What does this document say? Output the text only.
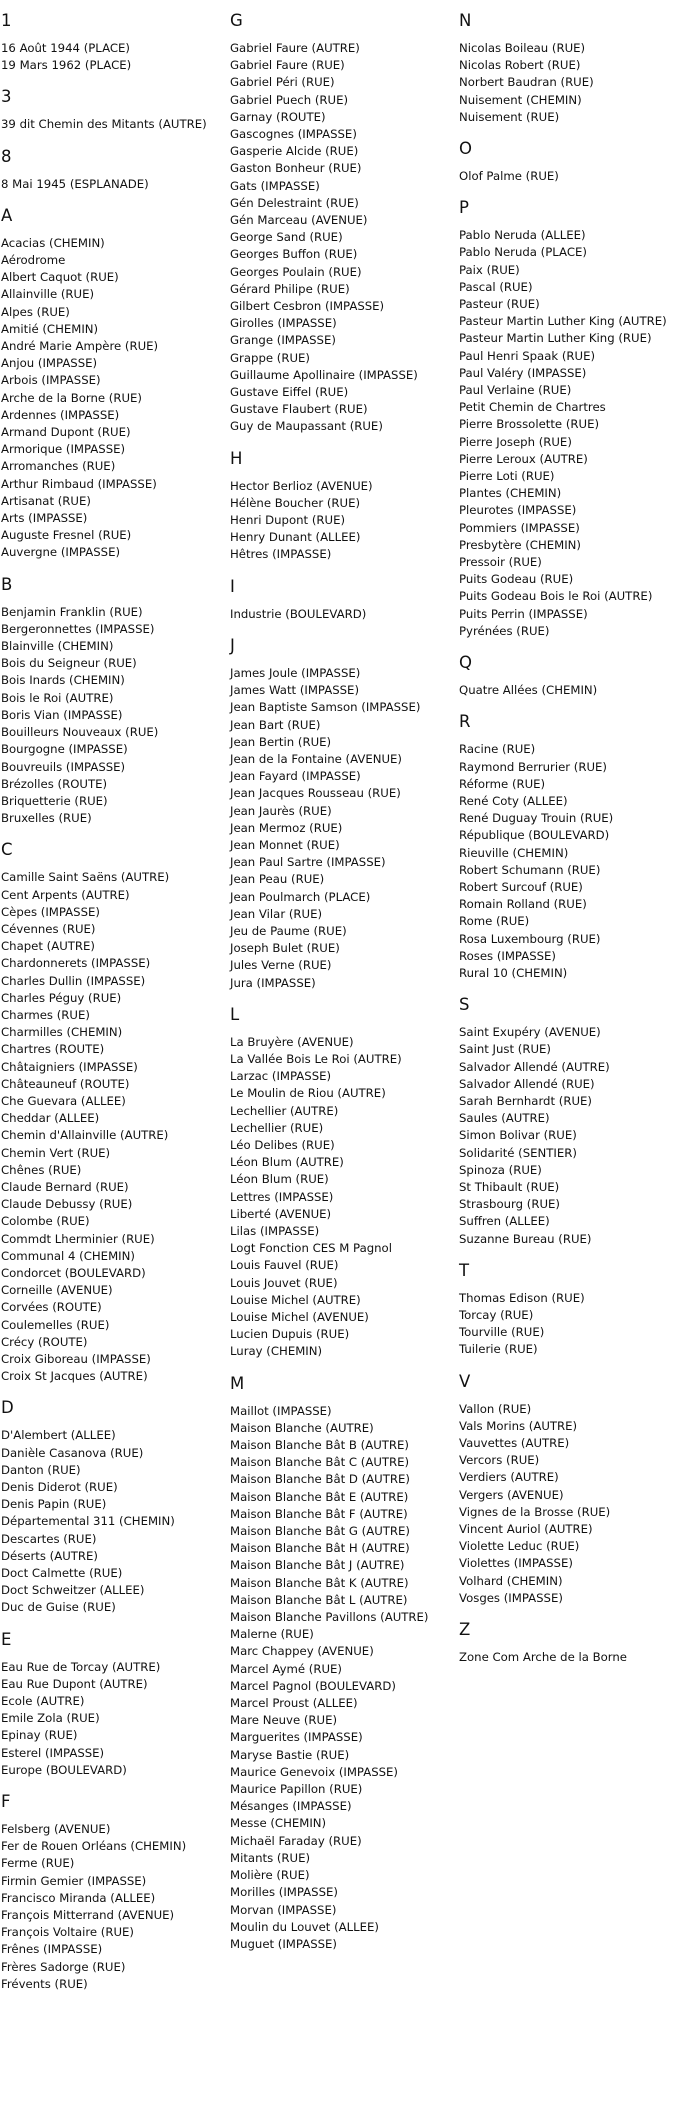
1
16 Août 1944 (PLACE)
19 Mars 1962 (PLACE)
3
39 dit Chemin des Mitants (AUTRE)
8
8 Mai 1945 (ESPLANADE)
A
Acacias (CHEMIN)
Aérodrome
Albert Caquot (RUE)
Allainville (RUE)
Alpes (RUE)
Amitié (CHEMIN)
André Marie Ampère (RUE)
Anjou (IMPASSE)
Arbois (IMPASSE)
Arche de la Borne (RUE)
Ardennes (IMPASSE)
Armand Dupont (RUE)
Armorique (IMPASSE)
Arromanches (RUE)
Arthur Rimbaud (IMPASSE)
Artisanat (RUE)
Arts (IMPASSE)
Auguste Fresnel (RUE)
Auvergne (IMPASSE)
B
Benjamin Franklin (RUE)
Bergeronnettes (IMPASSE)
Blainville (CHEMIN)
Bois du Seigneur (RUE)
Bois Inards (CHEMIN)
Bois le Roi (AUTRE)
Boris Vian (IMPASSE)
Bouilleurs Nouveaux (RUE)
Bourgogne (IMPASSE)
Bouvreuils (IMPASSE)
Brézolles (ROUTE)
Briquetterie (RUE)
Bruxelles (RUE)
C
Camille Saint Saëns (AUTRE)
Cent Arpents (AUTRE)
Cèpes (IMPASSE)
Cévennes (RUE)
Chapet (AUTRE)
Chardonnerets (IMPASSE)
Charles Dullin (IMPASSE)
Charles Péguy (RUE)
Charmes (RUE)
Charmilles (CHEMIN)
Chartres (ROUTE)
Châtaigniers (IMPASSE)
Châteauneuf (ROUTE)
Che Guevara (ALLEE)
Cheddar (ALLEE)
Chemin d'Allainville (AUTRE)
Chemin Vert (RUE)
Chênes (RUE)
Claude Bernard (RUE)
Claude Debussy (RUE)
Colombe (RUE)
Commdt Lherminier (RUE)
Communal 4 (CHEMIN)
Condorcet (BOULEVARD)
Corneille (AVENUE)
Corvées (ROUTE)
Coulemelles (RUE)
Crécy (ROUTE)
Croix Giboreau (IMPASSE)
Croix St Jacques (AUTRE)
D
D'Alembert (ALLEE)
Danièle Casanova (RUE)
Danton (RUE)
Denis Diderot (RUE)
Denis Papin (RUE)
Départemental 311 (CHEMIN)
Descartes (RUE)
Déserts (AUTRE)
Doct Calmette (RUE)
Doct Schweitzer (ALLEE)
Duc de Guise (RUE)
E
Eau Rue de Torcay (AUTRE)
Eau Rue Dupont (AUTRE)
Ecole (AUTRE)
Emile Zola (RUE)
Epinay (RUE)
Esterel (IMPASSE)
Europe (BOULEVARD)
F
Felsberg (AVENUE)
Fer de Rouen Orléans (CHEMIN)
Ferme (RUE)
Firmin Gemier (IMPASSE)
Francisco Miranda (ALLEE)
François Mitterrand (AVENUE)
François Voltaire (RUE)
Frênes (IMPASSE)
Frères Sadorge (RUE)
Frévents (RUE)
G
Gabriel Faure (AUTRE)
Gabriel Faure (RUE)
Gabriel Péri (RUE)
Gabriel Puech (RUE)
Garnay (ROUTE)
Gascognes (IMPASSE)
Gasperie Alcide (RUE)
Gaston Bonheur (RUE)
Gats (IMPASSE)
Gén Delestraint (RUE)
Gén Marceau (AVENUE)
George Sand (RUE)
Georges Buffon (RUE)
Georges Poulain (RUE)
Gérard Philipe (RUE)
Gilbert Cesbron (IMPASSE)
Girolles (IMPASSE)
Grange (IMPASSE)
Grappe (RUE)
Guillaume Apollinaire (IMPASSE)
Gustave Eiffel (RUE)
Gustave Flaubert (RUE)
Guy de Maupassant (RUE)
H
Hector Berlioz (AVENUE)
Hélène Boucher (RUE)
Henri Dupont (RUE)
Henry Dunant (ALLEE)
Hêtres (IMPASSE)
I
Industrie (BOULEVARD)
J
James Joule (IMPASSE)
James Watt (IMPASSE)
Jean Baptiste Samson (IMPASSE)
Jean Bart (RUE)
Jean Bertin (RUE)
Jean de la Fontaine (AVENUE)
Jean Fayard (IMPASSE)
Jean Jacques Rousseau (RUE)
Jean Jaurès (RUE)
Jean Mermoz (RUE)
Jean Monnet (RUE)
Jean Paul Sartre (IMPASSE)
Jean Peau (RUE)
Jean Poulmarch (PLACE)
Jean Vilar (RUE)
Jeu de Paume (RUE)
Joseph Bulet (RUE)
Jules Verne (RUE)
Jura (IMPASSE)
L
La Bruyère (AVENUE)
La Vallée Bois Le Roi (AUTRE)
Larzac (IMPASSE)
Le Moulin de Riou (AUTRE)
Lechellier (AUTRE)
Lechellier (RUE)
Léo Delibes (RUE)
Léon Blum (AUTRE)
Léon Blum (RUE)
Lettres (IMPASSE)
Liberté (AVENUE)
Lilas (IMPASSE)
Logt Fonction CES M Pagnol
Louis Fauvel (RUE)
Louis Jouvet (RUE)
Louise Michel (AUTRE)
Louise Michel (AVENUE)
Lucien Dupuis (RUE)
Luray (CHEMIN)
M
Maillot (IMPASSE)
Maison Blanche (AUTRE)
Maison Blanche Bât B (AUTRE)
Maison Blanche Bât C (AUTRE)
Maison Blanche Bât D (AUTRE)
Maison Blanche Bât E (AUTRE)
Maison Blanche Bât F (AUTRE)
Maison Blanche Bât G (AUTRE)
Maison Blanche Bât H (AUTRE)
Maison Blanche Bât J (AUTRE)
Maison Blanche Bât K (AUTRE)
Maison Blanche Bât L (AUTRE)
Maison Blanche Pavillons (AUTRE)
Malerne (RUE)
Marc Chappey (AVENUE)
Marcel Aymé (RUE)
Marcel Pagnol (BOULEVARD)
Marcel Proust (ALLEE)
Mare Neuve (RUE)
Marguerites (IMPASSE)
Maryse Bastie (RUE)
Maurice Genevoix (IMPASSE)
Maurice Papillon (RUE)
Mésanges (IMPASSE)
Messe (CHEMIN)
Michaël Faraday (RUE)
Mitants (RUE)
Molière (RUE)
Morilles (IMPASSE)
Morvan (IMPASSE)
Moulin du Louvet (ALLEE)
Muguet (IMPASSE)
N
Nicolas Boileau (RUE)
Nicolas Robert (RUE)
Norbert Baudran (RUE)
Nuisement (CHEMIN)
Nuisement (RUE)
O
Olof Palme (RUE)
P
Pablo Neruda (ALLEE)
Pablo Neruda (PLACE)
Paix (RUE)
Pascal (RUE)
Pasteur (RUE)
Pasteur Martin Luther King (AUTRE)
Pasteur Martin Luther King (RUE)
Paul Henri Spaak (RUE)
Paul Valéry (IMPASSE)
Paul Verlaine (RUE)
Petit Chemin de Chartres
Pierre Brossolette (RUE)
Pierre Joseph (RUE)
Pierre Leroux (AUTRE)
Pierre Loti (RUE)
Plantes (CHEMIN)
Pleurotes (IMPASSE)
Pommiers (IMPASSE)
Presbytère (CHEMIN)
Pressoir (RUE)
Puits Godeau (RUE)
Puits Godeau Bois le Roi (AUTRE)
Puits Perrin (IMPASSE)
Pyrénées (RUE)
Q
Quatre Allées (CHEMIN)
R
Racine (RUE)
Raymond Berrurier (RUE)
Réforme (RUE)
René Coty (ALLEE)
René Duguay Trouin (RUE)
République (BOULEVARD)
Rieuville (CHEMIN)
Robert Schumann (RUE)
Robert Surcouf (RUE)
Romain Rolland (RUE)
Rome (RUE)
Rosa Luxembourg (RUE)
Roses (IMPASSE)
Rural 10 (CHEMIN)
S
Saint Exupéry (AVENUE)
Saint Just (RUE)
Salvador Allendé (AUTRE)
Salvador Allendé (RUE)
Sarah Bernhardt (RUE)
Saules (AUTRE)
Simon Bolivar (RUE)
Solidarité (SENTIER)
Spinoza (RUE)
St Thibault (RUE)
Strasbourg (RUE)
Suffren (ALLEE)
Suzanne Bureau (RUE)
T
Thomas Edison (RUE)
Torcay (RUE)
Tourville (RUE)
Tuilerie (RUE)
V
Vallon (RUE)
Vals Morins (AUTRE)
Vauvettes (AUTRE)
Vercors (RUE)
Verdiers (AUTRE)
Vergers (AVENUE)
Vignes de la Brosse (RUE)
Vincent Auriol (AUTRE)
Violette Leduc (RUE)
Violettes (IMPASSE)
Volhard (CHEMIN)
Vosges (IMPASSE)
Z
Zone Com Arche de la Borne
